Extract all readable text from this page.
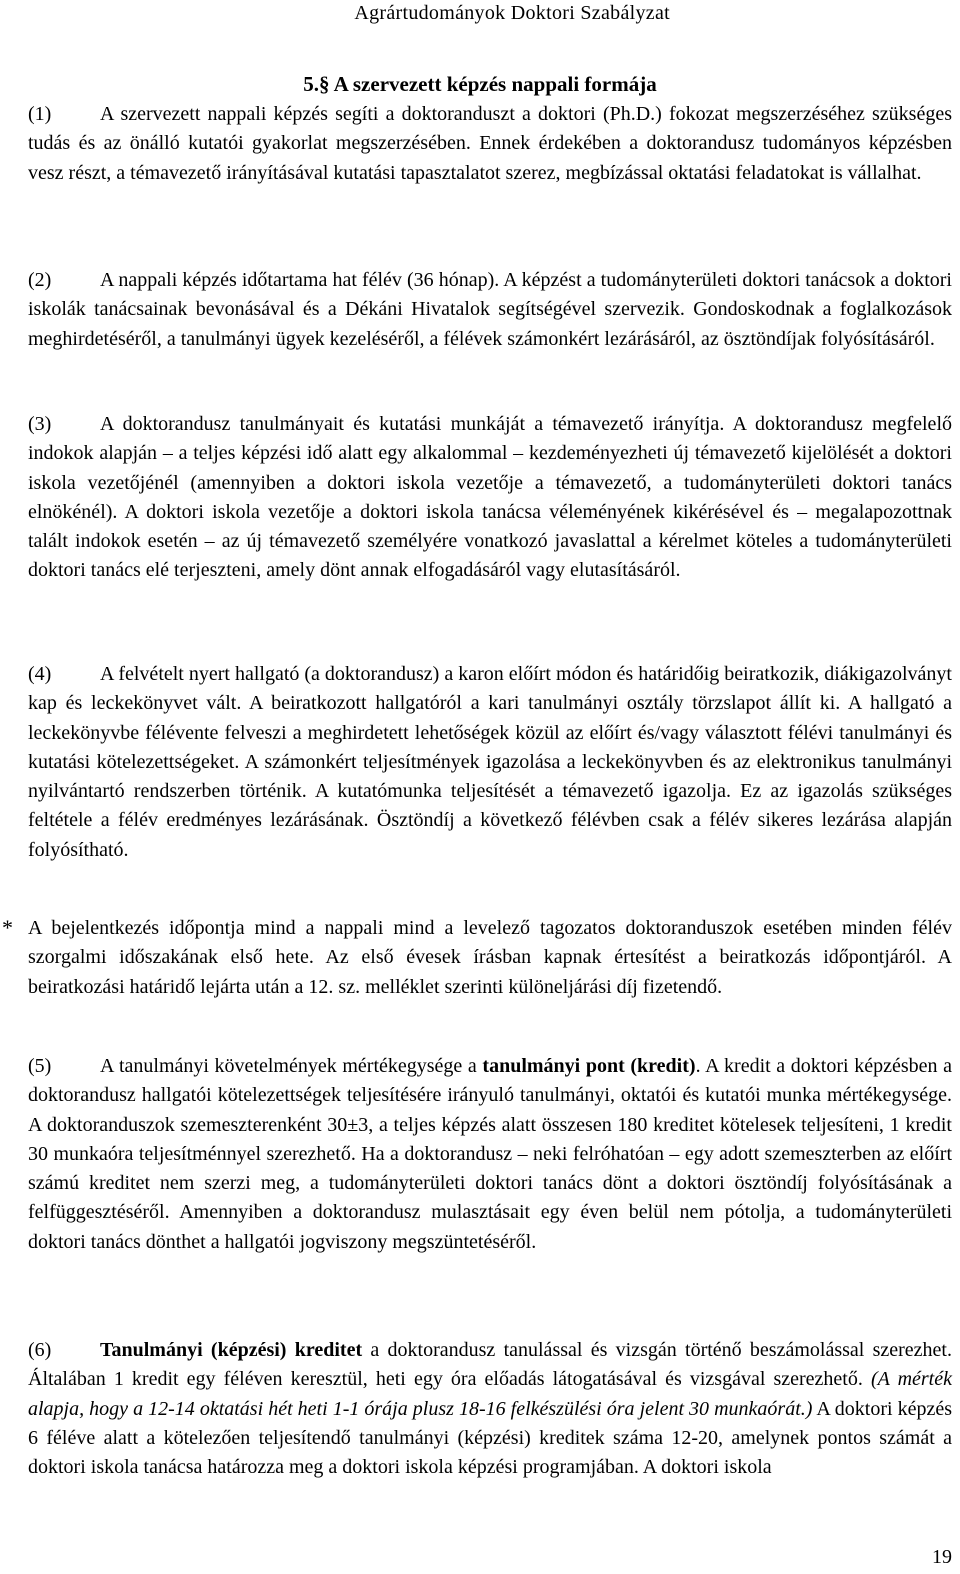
Agrártudományok Doktori Szabályzat
5.§ A szervezett képzés nappali formája
(1) A szervezett nappali képzés segíti a doktoranduszt a doktori (Ph.D.) fokozat megszerzéséhez szükséges tudás és az önálló kutatói gyakorlat megszerzésében. Ennek érdekében a doktorandusz tudományos képzésben vesz részt, a témavezető irányításával kutatási tapasztalatot szerez, megbízással oktatási feladatokat is vállalhat.
(2) A nappali képzés időtartama hat félév (36 hónap). A képzést a tudományterületi doktori tanácsok a doktori iskolák tanácsainak bevonásával és a Dékáni Hivatalok segítségével szervezik. Gondoskodnak a foglalkozások meghirdetéséről, a tanulmányi ügyek kezeléséről, a félévek számonkért lezárásáról, az ösztöndíjak folyósításáról.
(3) A doktorandusz tanulmányait és kutatási munkáját a témavezető irányítja. A doktorandusz megfelelő indokok alapján – a teljes képzési idő alatt egy alkalommal – kezdeményezheti új témavezető kijelölését a doktori iskola vezetőjénél (amennyiben a doktori iskola vezetője a témavezető, a tudományterületi doktori tanács elnökénél). A doktori iskola vezetője a doktori iskola tanácsa véleményének kikérésével és – megalapozottnak talált indokok esetén – az új témavezető személyére vonatkozó javaslattal a kérelmet köteles a tudományterületi doktori tanács elé terjeszteni, amely dönt annak elfogadásáról vagy elutasításáról.
(4) A felvételt nyert hallgató (a doktorandusz) a karon előírt módon és határidőig beiratkozik, diákigazolványt kap és leckekönyvet vált. A beiratkozott hallgatóról a kari tanulmányi osztály törzslapot állít ki. A hallgató a leckekönyvbe félévente felveszi a meghirdetett lehetőségek közül az előírt és/vagy választott félévi tanulmányi és kutatási kötelezettségeket. A számonkért teljesítmények igazolása a leckekönyvben és az elektronikus tanulmányi nyilvántartó rendszerben történik. A kutatómunka teljesítését a témavezető igazolja. Ez az igazolás szükséges feltétele a félév eredményes lezárásának. Ösztöndíj a következő félévben csak a félév sikeres lezárása alapján folyósítható.
* A bejelentkezés időpontja mind a nappali mind a levelező tagozatos doktoranduszok esetében minden félév szorgalmi időszakának első hete. Az első évesek írásban kapnak értesítést a beiratkozás időpontjáról. A beiratkozási határidő lejárta után a 12. sz. melléklet szerinti különeljárási díj fizetendő.
(5) A tanulmányi követelmények mértékegysége a tanulmányi pont (kredit). A kredit a doktori képzésben a doktorandusz hallgatói kötelezettségek teljesítésére irányuló tanulmányi, oktatói és kutatói munka mértékegysége. A doktoranduszok szemeszterenként 30±3, a teljes képzés alatt összesen 180 kreditet kötelesek teljesíteni, 1 kredit 30 munkaóra teljesítménnyel szerezhető. Ha a doktorandusz – neki felróhatóan – egy adott szemeszterben az előírt számú kreditet nem szerzi meg, a tudományterületi doktori tanács dönt a doktori ösztöndíj folyósításának a felfüggesztéséről. Amennyiben a doktorandusz mulasztásait egy éven belül nem pótolja, a tudományterületi doktori tanács dönthet a hallgatói jogviszony megszüntetéséről.
(6) Tanulmányi (képzési) kreditet a doktorandusz tanulással és vizsgán történő beszámolással szerezhet. Általában 1 kredit egy féléven keresztül, heti egy óra előadás látogatásával és vizsgával szerezhető. (A mérték alapja, hogy a 12-14 oktatási hét heti 1-1 órája plusz 18-16 felkészülési óra jelent 30 munkaórát.) A doktori képzés 6 féléve alatt a kötelezően teljesítendő tanulmányi (képzési) kreditek száma 12-20, amelynek pontos számát a doktori iskola tanácsa határozza meg a doktori iskola képzési programjában. A doktori iskola
19
